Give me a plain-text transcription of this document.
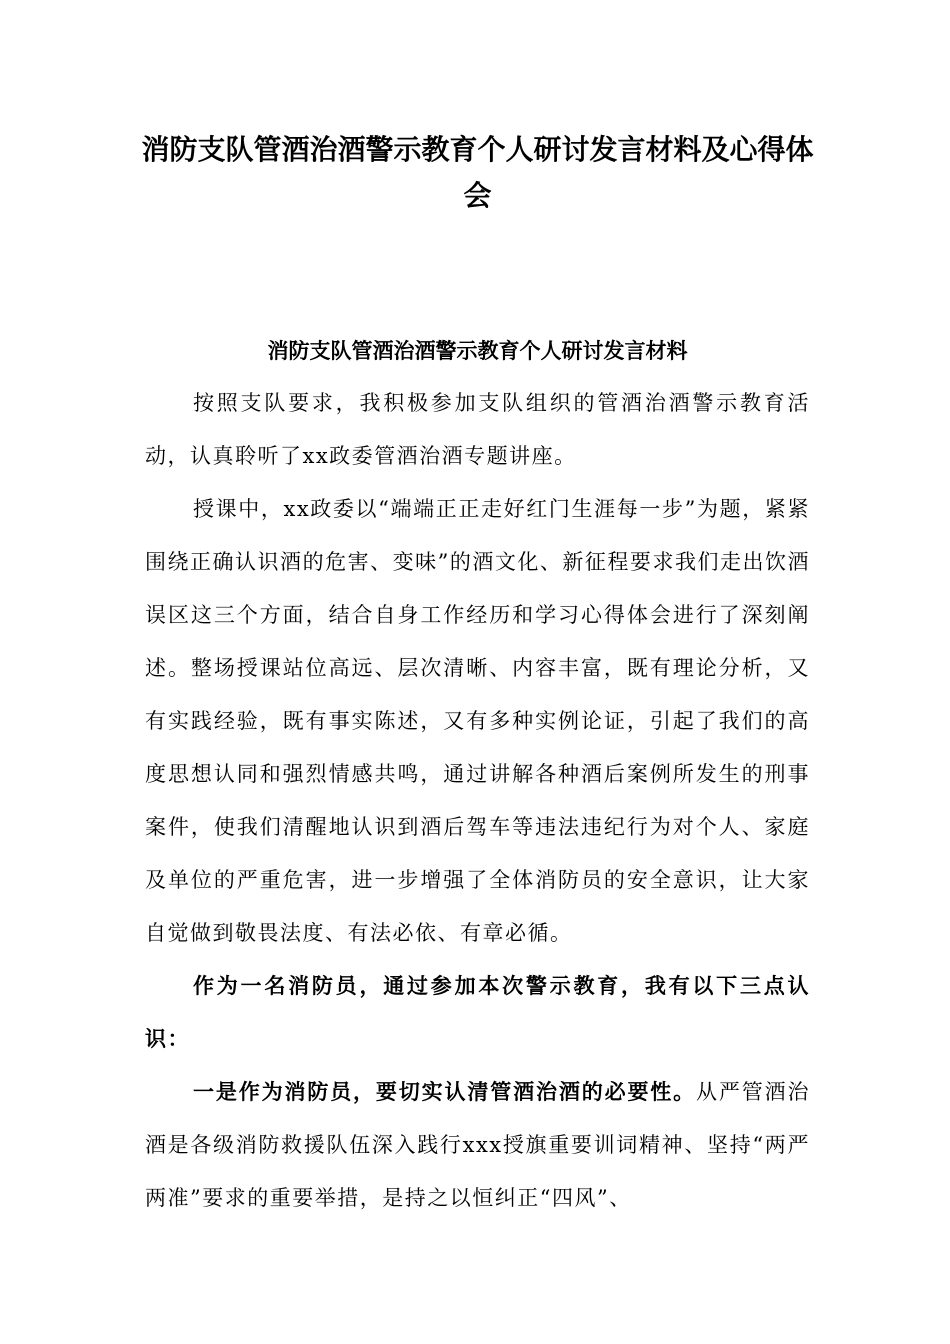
消防支队管酒治酒警示教育个人研讨发言材料及心得体会
消防支队管酒治酒警示教育个人研讨发言材料

按照支队要求，我积极参加支队组织的管酒治酒警示教育活动，认真聆听了xx政委管酒治酒专题讲座。

授课中，xx政委以“端端正正走好红门生涯每一步”为题，紧紧围绕正确认识酒的危害、变味”的酒文化、新征程要求我们走出饮酒误区这三个方面，结合自身工作经历和学习心得体会进行了深刻阐述。整场授课站位高远、层次清晰、内容丰富，既有理论分析，又有实践经验，既有事实陈述，又有多种实例论证，引起了我们的高度思想认同和强烈情感共鸣，通过讲解各种酒后案例所发生的刑事案件，使我们清醒地认识到酒后驾车等违法违纪行为对个人、家庭及单位的严重危害，进一步增强了全体消防员的安全意识，让大家自觉做到敬畏法度、有法必依、有章必循。

作为一名消防员，通过参加本次警示教育，我有以下三点认识：

一是作为消防员，要切实认清管酒治酒的必要性。从严管酒治酒是各级消防救援队伍深入践行xxx授旗重要训词精神、坚持“两严两准”要求的重要举措，是持之以恒纠正“四风”、
